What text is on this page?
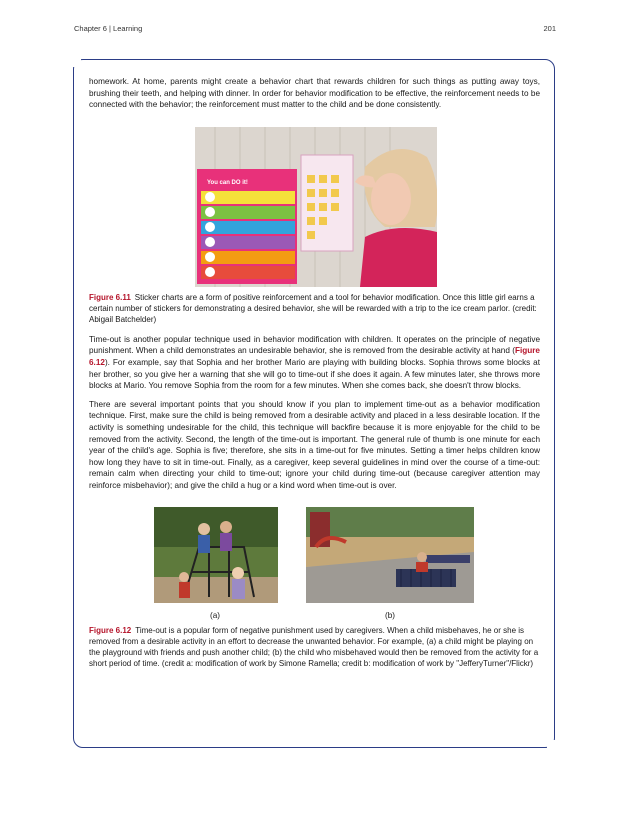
Chapter 6 | Learning	201

homework. At home, parents might create a behavior chart that rewards children for such things as putting away toys, brushing their teeth, and helping with dinner. In order for behavior modification to be effective, the reinforcement needs to be connected with the behavior; the reinforcement must matter to the child and be done consistently.

You can DO it!

Figure 6.11 Sticker charts are a form of positive reinforcement and a tool for behavior modification. Once this little girl earns a certain number of stickers for demonstrating a desired behavior, she will be rewarded with a trip to the ice cream parlor. (credit: Abigail Batchelder)

Time-out is another popular technique used in behavior modification with children. It operates on the principle of negative punishment. When a child demonstrates an undesirable behavior, she is removed from the desirable activity at hand (Figure 6.12). For example, say that Sophia and her brother Mario are playing with building blocks. Sophia throws some blocks at her brother, so you give her a warning that she will go to time-out if she does it again. A few minutes later, she throws more blocks at Mario. You remove Sophia from the room for a few minutes. When she comes back, she doesn't throw blocks.

There are several important points that you should know if you plan to implement time-out as a behavior modification technique. First, make sure the child is being removed from a desirable activity and placed in a less desirable location. If the activity is something undesirable for the child, this technique will backfire because it is more enjoyable for the child to be removed from the activity. Second, the length of the time-out is important. The general rule of thumb is one minute for each year of the child's age. Sophia is five; therefore, she sits in a time-out for five minutes. Setting a timer helps children know how long they have to sit in time-out. Finally, as a caregiver, keep several guidelines in mind over the course of a time-out: remain calm when directing your child to time-out; ignore your child during time-out (because caregiver attention may reinforce misbehavior); and give the child a hug or a kind word when time-out is over.

(a)	(b)

Figure 6.12 Time-out is a popular form of negative punishment used by caregivers. When a child misbehaves, he or she is removed from a desirable activity in an effort to decrease the unwanted behavior. For example, (a) a child might be playing on the playground with friends and push another child; (b) the child who misbehaved would then be removed from the activity for a short period of time. (credit a: modification of work by Simone Ramella; credit b: modification of work by "JefferyTurner"/Flickr)
